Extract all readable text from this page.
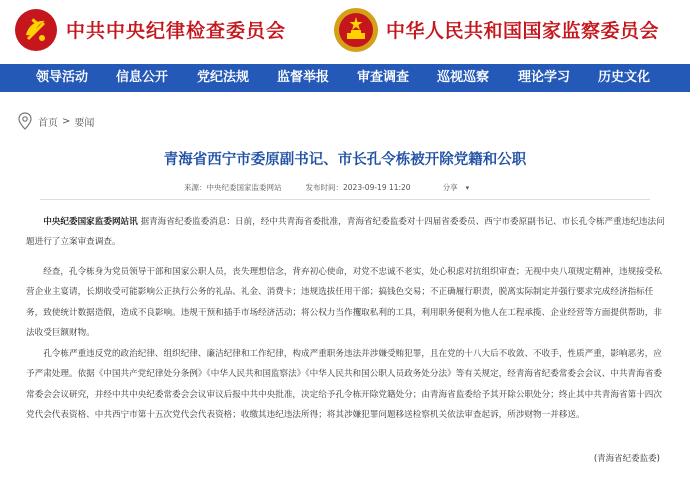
中共中央纪律检查委员会	中华人民共和国国家监察委员会
领导活动 信息公开 党纪法规 监督举报 审查调查 巡视巡察 理论学习 历史文化
首页 > 要闻
青海省西宁市委原副书记、市长孔令栋被开除党籍和公职
来源：中央纪委国家监委网站	发布时间：2023-09-19 11:20	分享 ▾
中央纪委国家监委网站讯 据青海省纪委监委消息：日前，经中共青海省委批准，青海省纪委监委对十四届省委委员、西宁市委原副书记、市长孔令栋严重违纪违法问题进行了立案审查调查。
经查，孔令栋身为党员领导干部和国家公职人员，丧失理想信念，背弃初心使命，对党不忠诚不老实，处心积虑对抗组织审查；无视中央八项规定精神，违规接受私营企业主宴请，长期收受可能影响公正执行公务的礼品、礼金、消费卡；违规选拔任用干部；搞钱色交易；不正确履行职责，脱离实际制定并强行要求完成经济指标任务，致使统计数据造假，造成不良影响。违规干预和插手市场经济活动；将公权力当作攫取私利的工具，利用职务便利为他人在工程承揽、企业经营等方面提供帮助，非法收受巨额财物。
孔令栋严重违反党的政治纪律、组织纪律、廉洁纪律和工作纪律，构成严重职务违法并涉嫌受贿犯罪，且在党的十八大后不收敛、不收手，性质严重，影响恶劣，应予严肃处理。依据《中国共产党纪律处分条例》《中华人民共和国监察法》《中华人民共和国公职人员政务处分法》等有关规定，经青海省纪委常委会会议、中共青海省委常委会会议研究，并经中共中央纪委常委会会议审议后报中共中央批准，决定给予孔令栋开除党籍处分；由青海省监委给予其开除公职处分；终止其中共青海省第十四次党代会代表资格、中共西宁市第十五次党代会代表资格；收缴其违纪违法所得；将其涉嫌犯罪问题移送检察机关依法审查起诉，所涉财物一并移送。
(青海省纪委监委)
